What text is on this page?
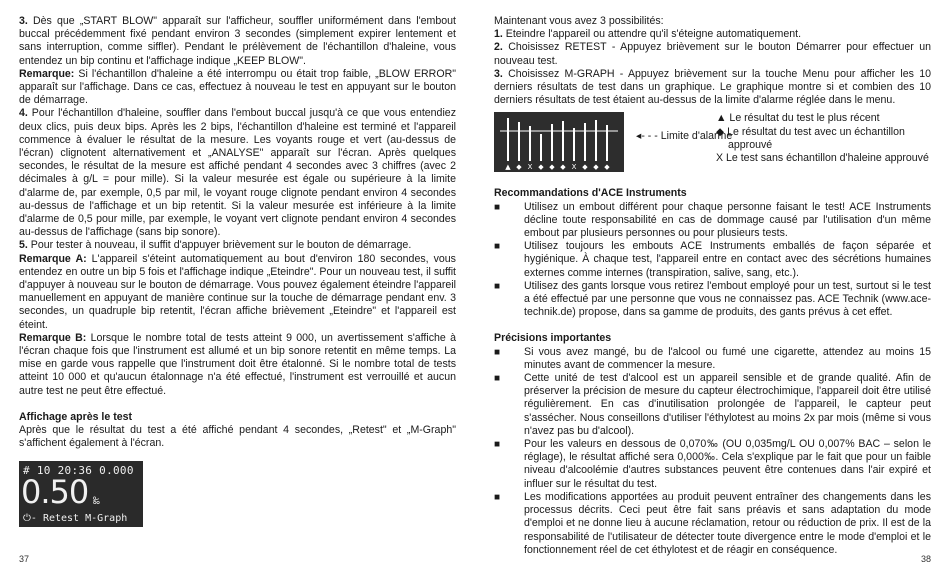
3. Dès que „START BLOW" apparaît sur l'afficheur, souffler uniformément dans l'embout buccal précédemment fixé pendant environ 3 secondes (simplement expirer lentement et sans interruption, comme siffler). Pendant le prélèvement de l'échantillon d'haleine, vous entendez un bip continu et l'affichage indique „KEEP BLOW".

Remarque: Si l'échantillon d'haleine a été interrompu ou était trop faible, „BLOW ERROR" apparaît sur l'affichage. Dans ce cas, effectuez à nouveau le test en appuyant sur le bouton de démarrage.

4. Pour l'échantillon d'haleine, souffler dans l'embout buccal jusqu'à ce que vous entendiez deux clics, puis deux bips. Après les 2 bips, l'échantillon d'haleine est terminé et l'appareil commence à évaluer le résultat de la mesure. Les voyants rouge et vert (au-dessus de l'écran) clignotent alternativement et „ANALYSE" apparaît sur l'écran. Après quelques secondes, le résultat de la mesure est affiché pendant 4 secondes avec 3 chiffres (avec 2 décimales à g/L = pour mille). Si la valeur mesurée est égale ou supérieure à la limite d'alarme de, par exemple, 0,5 par mil, le voyant rouge clignote pendant environ 4 secondes au-dessus de l'affichage et un bip retentit. Si la valeur mesurée est inférieure à la limite d'alarme de 0,5 pour mille, par exemple, le voyant vert clignote pendant environ 4 secondes au-dessus de l'affichage (sans bip sonore).

5. Pour tester à nouveau, il suffit d'appuyer brièvement sur le bouton de démarrage.

Remarque A: L'appareil s'éteint automatiquement au bout d'environ 180 secondes, vous entendez en outre un bip 5 fois et l'affichage indique „Eteindre". Pour un nouveau test, il suffit d'appuyer à nouveau sur le bouton de démarrage. Vous pouvez également éteindre l'appareil manuellement en appuyant de manière continue sur la touche de démarrage pendant env. 3 secondes, un quadruple bip retentit, l'écran affiche brièvement „Eteindre" et l'appareil est éteint.

Remarque B: Lorsque le nombre total de tests atteint 9 000, un avertissement s'affiche à l'écran chaque fois que l'instrument est allumé et un bip sonore retentit en même temps. La mise en garde vous rappelle que l'instrument doit être étalonné. Si le nombre total de tests atteint 10 000 et qu'aucun étalonnage n'a été effectué, l'instrument est verrouillé et aucun autre test ne peut être effectué.

Affichage après le test

Après que le résultat du test a été affiché pendant 4 secondes, „Retest" et „M-Graph" s'affichent également à l'écran.

# 10 20:36 0.000
0.50 ‰
⏻- Retest M-Graph
37

Maintenant vous avez 3 possibilités:

1. Eteindre l'appareil ou attendre qu'il s'éteigne automatiquement.

2. Choisissez RETEST - Appuyez brièvement sur le bouton Démarrer pour effectuer un nouveau test.

3. Choisissez M-GRAPH - Appuyez brièvement sur la touche Menu pour afficher les 10 derniers résultats de test dans un graphique. Le graphique montre si et combien des 10 derniers résultats de test étaient au-dessus de la limite d'alarme réglée dans le menu.

▲ ◆ X ◆ ◆ ◆ X ◆ ◆ ◆
◂- - - Limite d'alarme
▲ Le résultat du test le plus récent
◆ Le résultat du test avec un échantillon
approuvé
X Le test sans échantillon d'haleine approuvé

Recommandations d'ACE Instruments

■ Utilisez un embout différent pour chaque personne faisant le test! ACE Instruments décline toute responsabilité en cas de dommage causé par l'utilisation d'un même embout par plusieurs personnes ou pour plusieurs tests.
■ Utilisez toujours les embouts ACE Instruments emballés de façon séparée et hygiénique. À chaque test, l'appareil entre en contact avec des sécrétions humaines externes comme internes (transpiration, salive, sang, etc.).
■ Utilisez des gants lorsque vous retirez l'embout employé pour un test, surtout si le test a été effectué par une personne que vous ne connaissez pas. ACE Technik (www.ace-technik.de) propose, dans sa gamme de produits, des gants prévus à cet effet.

Précisions importantes

■ Si vous avez mangé, bu de l'alcool ou fumé une cigarette, attendez au moins 15 minutes avant de commencer la mesure.
■ Cette unité de test d'alcool est un appareil sensible et de grande qualité. Afin de préserver la précision de mesure du capteur électrochimique, l'appareil doit être utilisé régulièrement. En cas d'inutilisation prolongée de l'appareil, le capteur peut s'assécher. Nous conseillons d'utiliser l'éthylotest au moins 2x par mois (même si vous n'avez pas bu d'alcool).
■ Pour les valeurs en dessous de 0,070‰ (OU 0,035mg/L OU 0,007% BAC – selon le réglage), le résultat affiché sera 0,000‰. Cela s'explique par le fait que pour un faible niveau d'alcoolémie d'autres substances peuvent être contenues dans l'air expiré et influer sur le résultat du test.
■ Les modifications apportées au produit peuvent entraîner des changements dans les processus décrits. Ceci peut être fait sans préavis et sans adaptation du mode d'emploi et ne donne lieu à aucune réclamation, retour ou réduction de prix. Il est de la responsabilité de l'utilisateur de détecter toute divergence entre le mode d'emploi et le fonctionnement réel de cet éthylotest et de réagir en conséquence.
38
